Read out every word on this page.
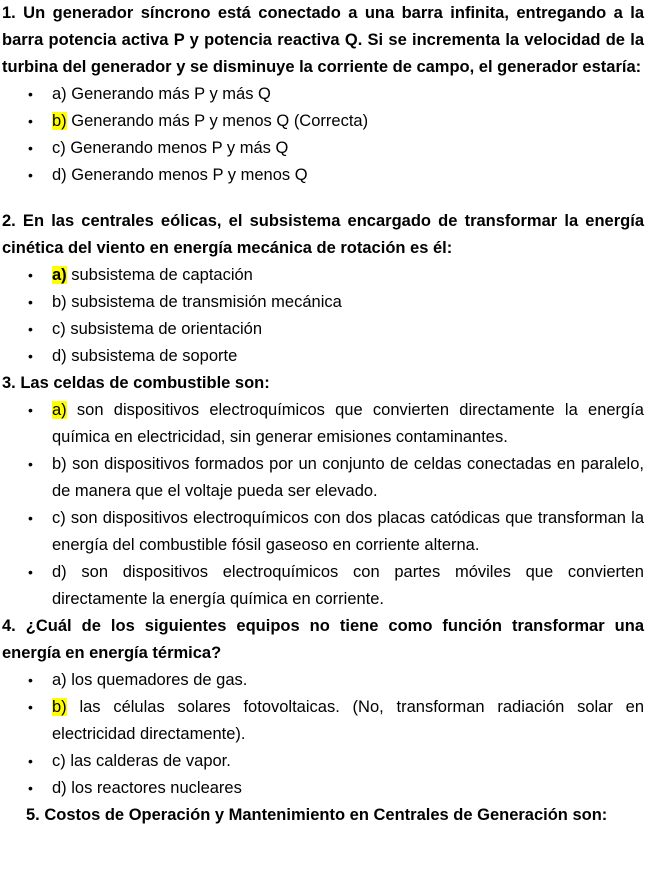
1. Un generador síncrono está conectado a una barra infinita, entregando a la barra potencia activa P y potencia reactiva Q. Si se incrementa la velocidad de la turbina del generador y se disminuye la corriente de campo, el generador estaría:

• a) Generando más P y más Q
• b) Generando más P y menos Q (Correcta)
• c) Generando menos P y más Q
• d) Generando menos P y menos Q

2. En las centrales eólicas, el subsistema encargado de transformar la energía cinética del viento en energía mecánica de rotación es él:

• a) subsistema de captación
• b) subsistema de transmisión mecánica
• c) subsistema de orientación
• d) subsistema de soporte

3. Las celdas de combustible son:

• a) son dispositivos electroquímicos que convierten directamente la energía química en electricidad, sin generar emisiones contaminantes.
• b) son dispositivos formados por un conjunto de celdas conectadas en paralelo, de manera que el voltaje pueda ser elevado.
• c) son dispositivos electroquímicos con dos placas catódicas que transforman la energía del combustible fósil gaseoso en corriente alterna.
• d) son dispositivos electroquímicos con partes móviles que convierten directamente la energía química en corriente.

4. ¿Cuál de los siguientes equipos no tiene como función transformar una energía en energía térmica?

• a) los quemadores de gas.
• b) las células solares fotovoltaicas. (No, transforman radiación solar en electricidad directamente).
• c) las calderas de vapor.
• d) los reactores nucleares

5. Costos de Operación y Mantenimiento en Centrales de Generación son:
